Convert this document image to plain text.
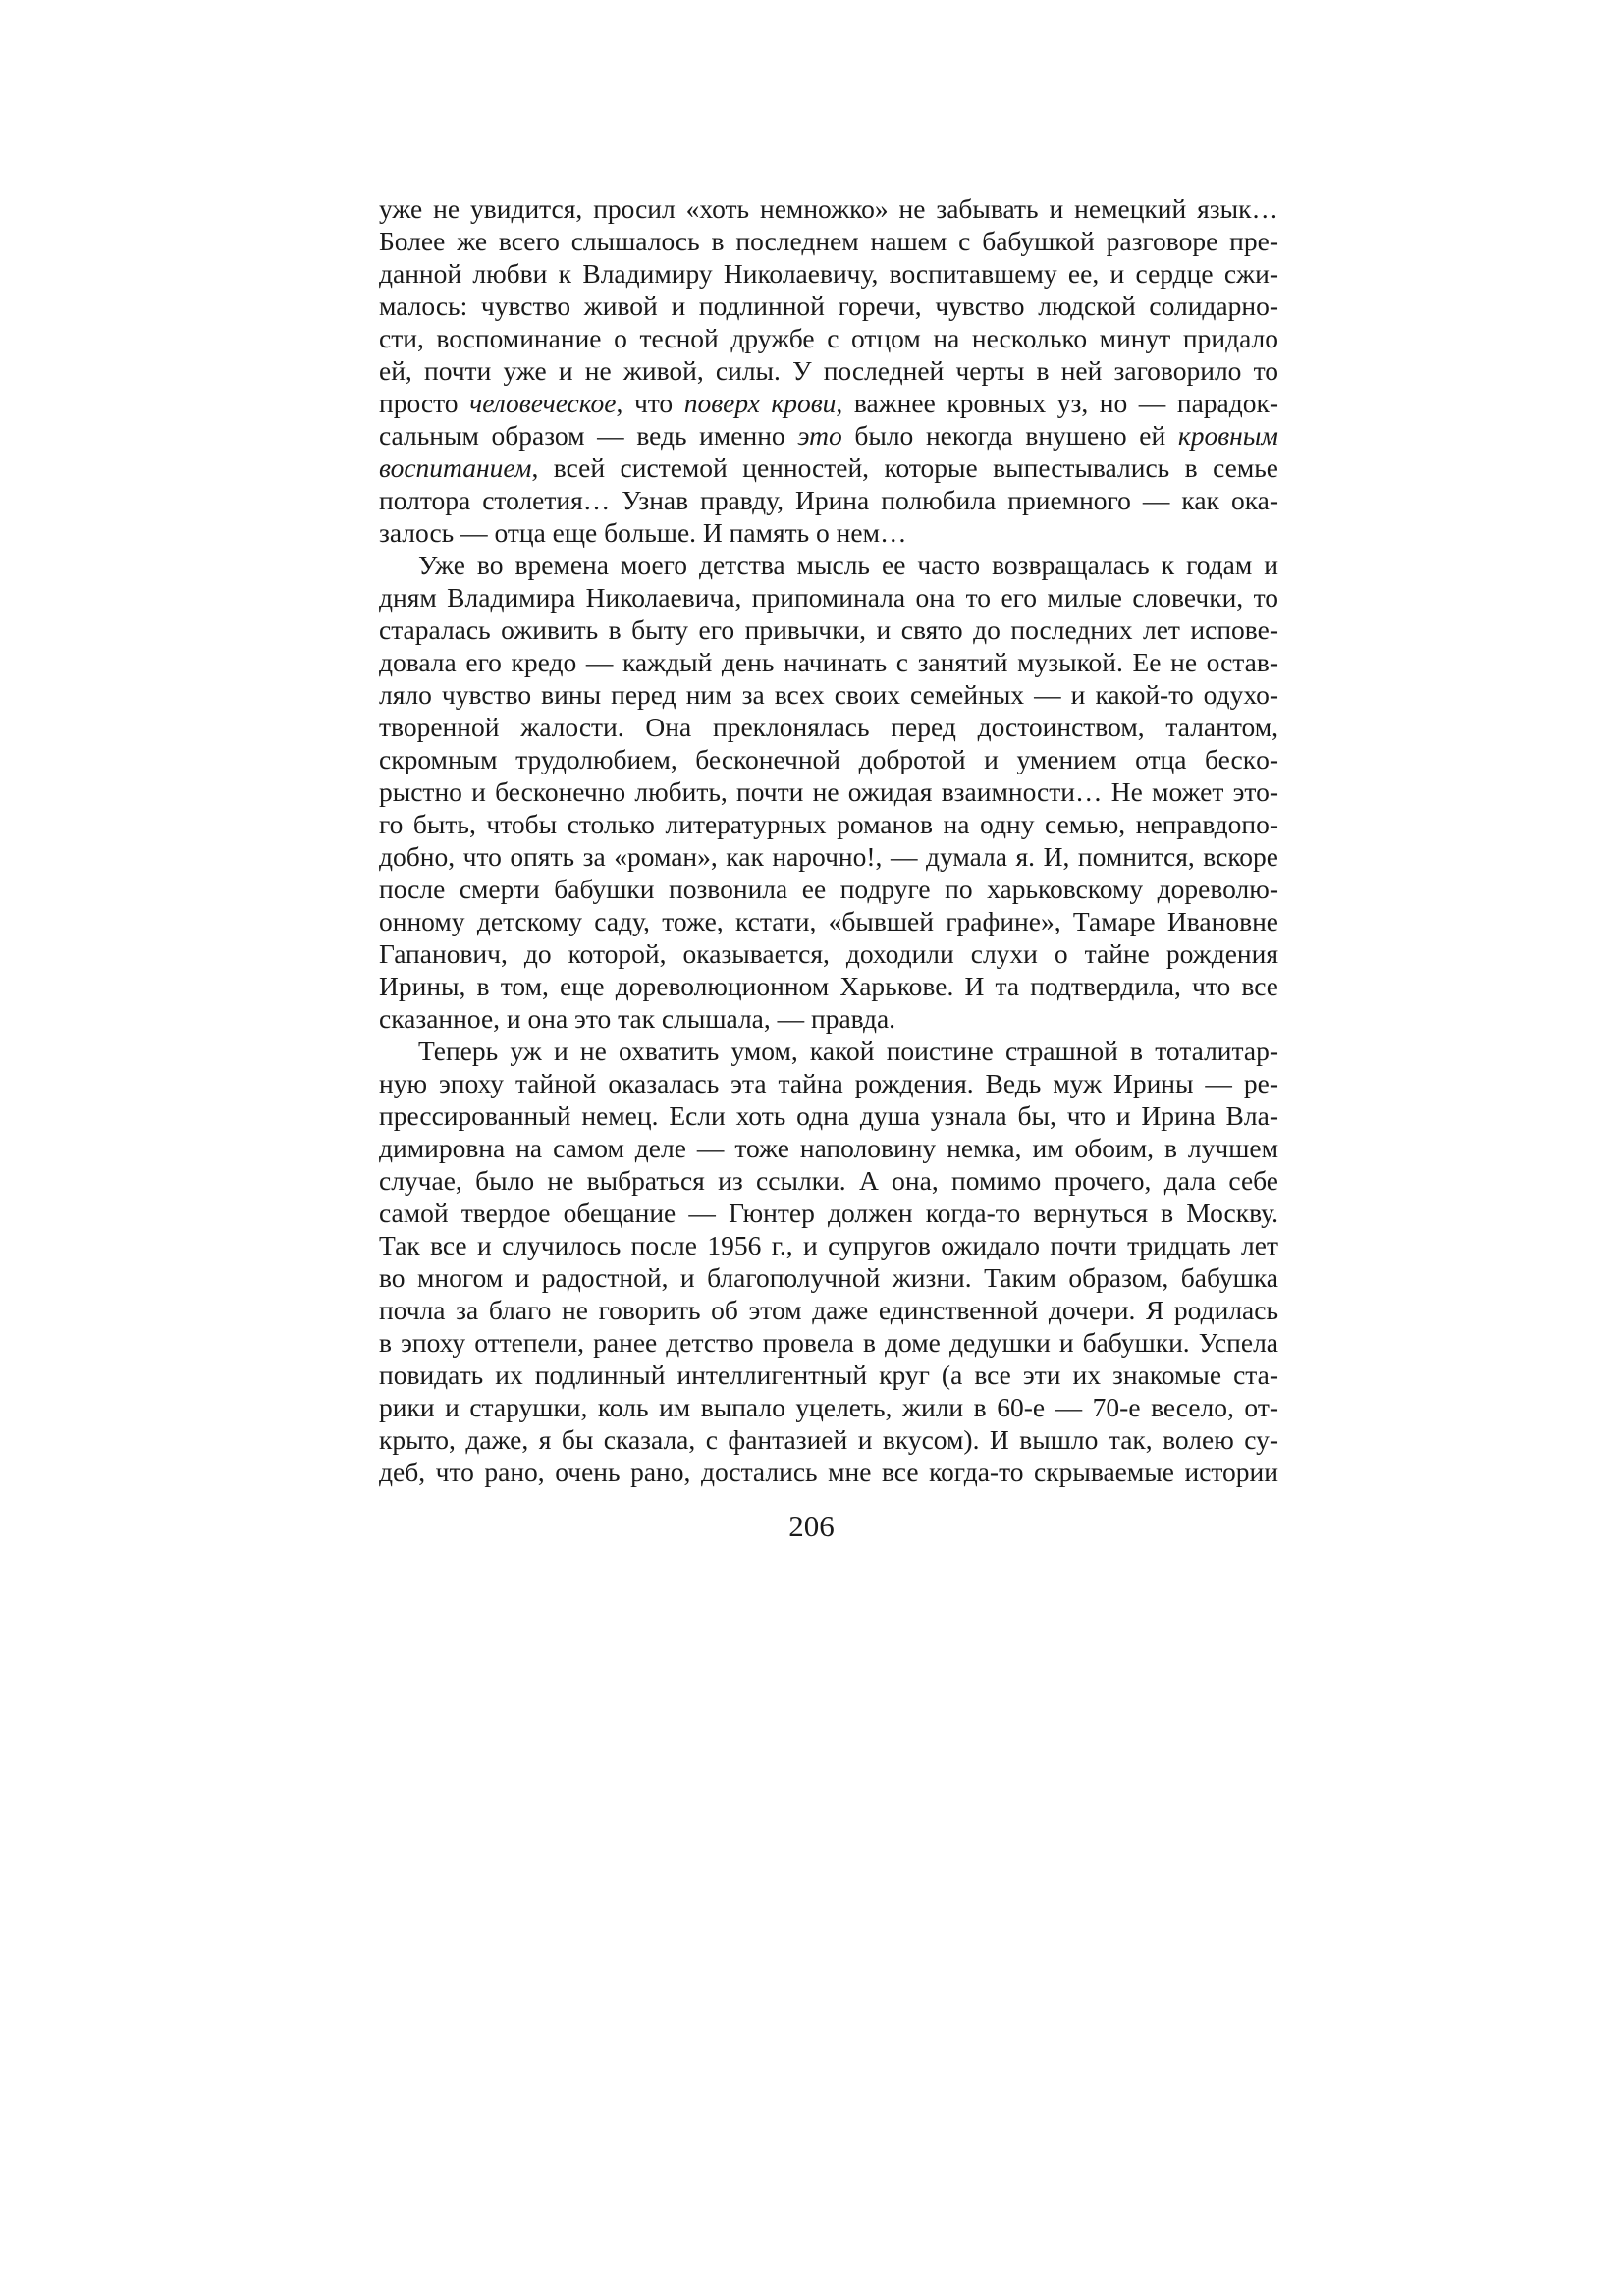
уже не увидится, просил «хоть немножко» не забывать и немецкий язык…
Более же всего слышалось в последнем нашем с бабушкой разговоре пре-
данной любви к Владимиру Николаевичу, воспитавшему ее, и сердце сжи-
малось: чувство живой и подлинной горечи, чувство людской солидарно-
сти, воспоминание о тесной дружбе с отцом на несколько минут придало
ей, почти уже и не живой, силы. У последней черты в ней заговорило то
просто человеческое, что поверх крови, важнее кровных уз, но — парадок-
сальным образом — ведь именно это было некогда внушено ей кровным
воспитанием, всей системой ценностей, которые выпестывались в семье
полтора столетия… Узнав правду, Ирина полюбила приемного — как ока-
залось — отца еще больше. И память о нем…
Уже во времена моего детства мысль ее часто возвращалась к годам и
дням Владимира Николаевича, припоминала она то его милые словечки, то
старалась оживить в быту его привычки, и свято до последних лет испове-
довала его кредо — каждый день начинать с занятий музыкой. Ее не остав-
ляло чувство вины перед ним за всех своих семейных — и какой-то одухо-
творенной жалости. Она преклонялась перед достоинством, талантом,
скромным трудолюбием, бесконечной добротой и умением отца бескo-
рыстно и бесконечно любить, почти не ожидая взаимности… Не может это-
го быть, чтобы столько литературных романов на одну семью, неправдопо-
добно, что опять за «роман», как нарочно!, — думала я. И, помнится, вскоре
после смерти бабушки позвонила ее подруге по харьковскому дореволю-
онному детскому саду, тоже, кстати, «бывшей графине», Тамаре Ивановне
Гапанович, до которой, оказывается, доходили слухи о тайне рождения
Ирины, в том, еще дореволюционном Харькове. И та подтвердила, что все
сказанное, и она это так слышала, — правда.
Теперь уж и не охватить умом, какой поистине страшной в тоталитар-
ную эпоху тайной оказалась эта тайна рождения. Ведь муж Ирины — ре-
прессированный немец. Если хоть одна душа узнала бы, что и Ирина Вла-
димировна на самом деле — тоже наполовину немка, им обоим, в лучшем
случае, было не выбраться из ссылки. А она, помимо прочего, дала себе
самой твердое обещание — Гюнтер должен когда-то вернуться в Москву.
Так все и случилось после 1956 г., и супругов ожидало почти тридцать лет
во многом и радостной, и благополучной жизни. Таким образом, бабушка
почла за благо не говорить об этом даже единственной дочери. Я родилась
в эпоху оттепели, ранее детство провела в доме дедушки и бабушки. Успела
повидать их подлинный интеллигентный круг (а все эти их знакомые ста-
рики и старушки, коль им выпало уцелеть, жили в 60-е — 70-е весело, от-
крыто, даже, я бы сказала, с фантазией и вкусом). И вышло так, волею су-
деб, что рано, очень рано, достались мне все когда-то скрываемые истории
206
